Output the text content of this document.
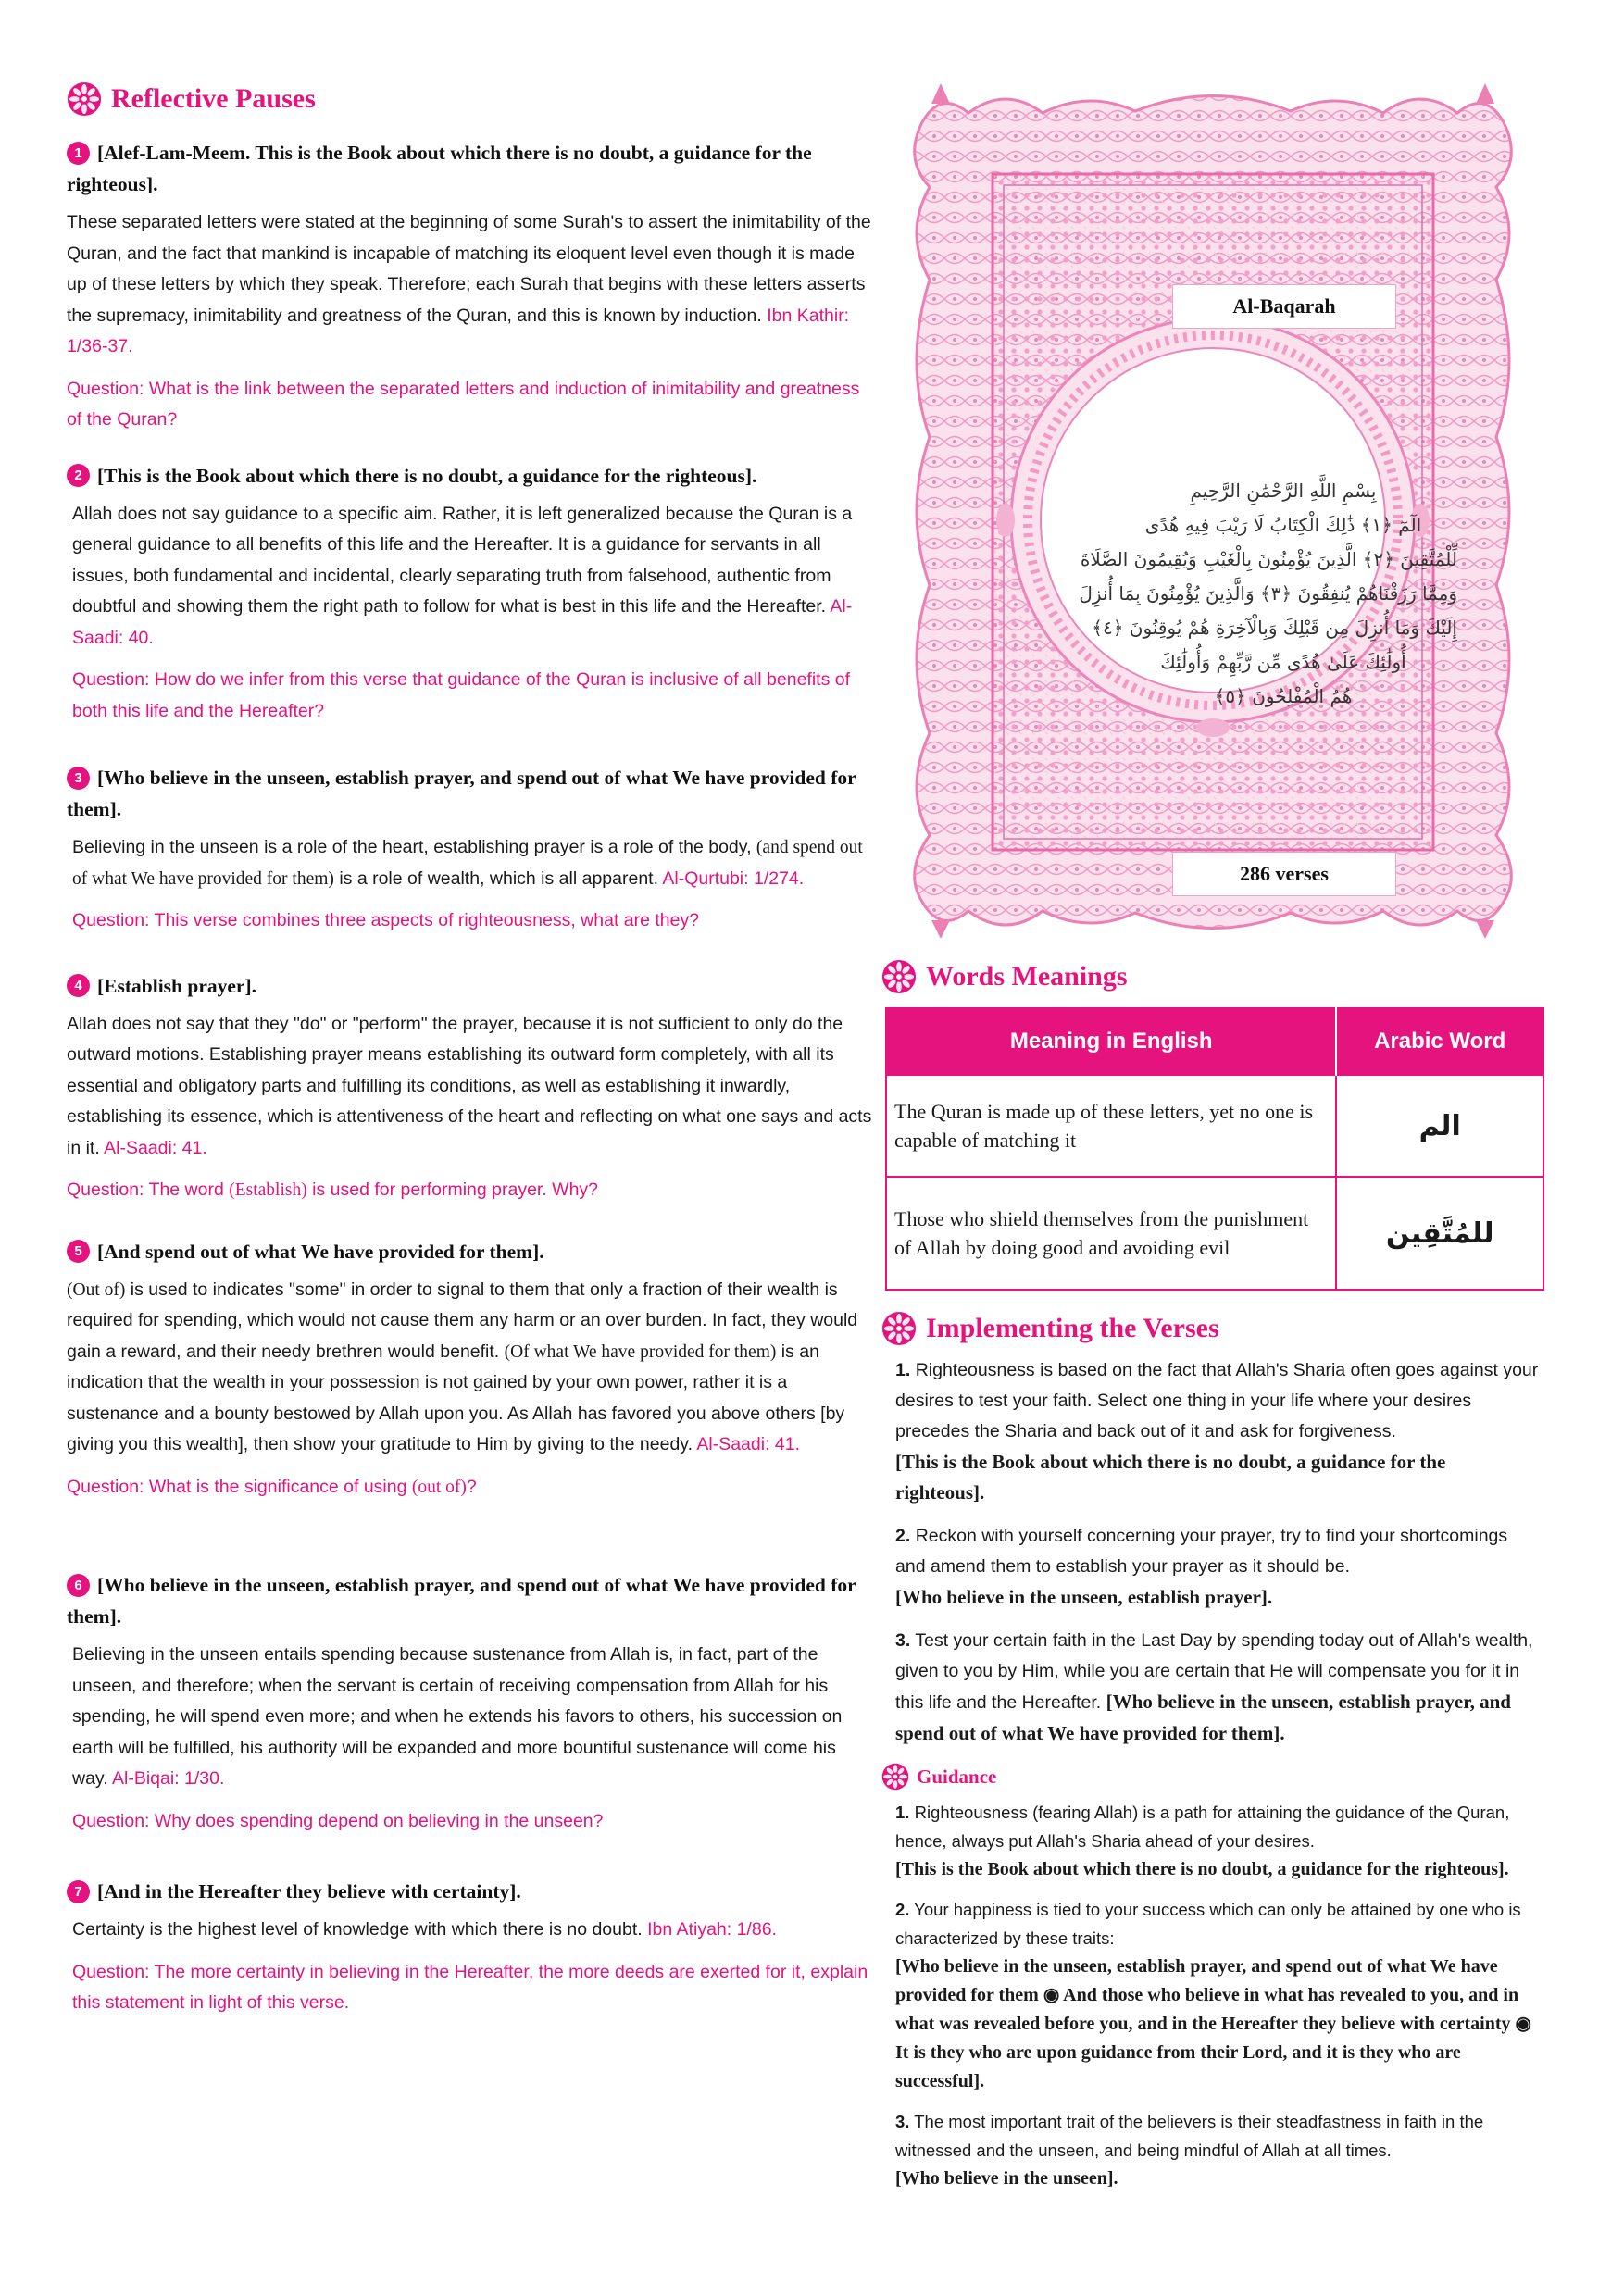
Reflective Pauses
1 [Alef-Lam-Meem. This is the Book about which there is no doubt, a guidance for the righteous].
These separated letters were stated at the beginning of some Surah's to assert the inimitability of the Quran, and the fact that mankind is incapable of matching its eloquent level even though it is made up of these letters by which they speak. Therefore; each Surah that begins with these letters asserts the supremacy, inimitability and greatness of the Quran, and this is known by induction. Ibn Kathir: 1/36-37.
Question: What is the link between the separated letters and induction of inimitability and greatness of the Quran?
2 [This is the Book about which there is no doubt, a guidance for the righteous].
Allah does not say guidance to a specific aim. Rather, it is left generalized because the Quran is a general guidance to all benefits of this life and the Hereafter. It is a guidance for servants in all issues, both fundamental and incidental, clearly separating truth from falsehood, authentic from doubtful and showing them the right path to follow for what is best in this life and the Hereafter. Al-Saadi: 40.
Question: How do we infer from this verse that guidance of the Quran is inclusive of all benefits of both this life and the Hereafter?
3 [Who believe in the unseen, establish prayer, and spend out of what We have provided for them].
Believing in the unseen is a role of the heart, establishing prayer is a role of the body, (and spend out of what We have provided for them) is a role of wealth, which is all apparent. Al-Qurtubi: 1/274.
Question: This verse combines three aspects of righteousness, what are they?
4 [Establish prayer].
Allah does not say that they "do" or "perform" the prayer, because it is not sufficient to only do the outward motions. Establishing prayer means establishing its outward form completely, with all its essential and obligatory parts and fulfilling its conditions, as well as establishing it inwardly, establishing its essence, which is attentiveness of the heart and reflecting on what one says and acts in it. Al-Saadi: 41.
Question: The word (Establish) is used for performing prayer. Why?
5 [And spend out of what We have provided for them].
(Out of) is used to indicates "some" in order to signal to them that only a fraction of their wealth is required for spending, which would not cause them any harm or an over burden. In fact, they would gain a reward, and their needy brethren would benefit. (Of what We have provided for them) is an indication that the wealth in your possession is not gained by your own power, rather it is a sustenance and a bounty bestowed by Allah upon you. As Allah has favored you above others [by giving you this wealth], then show your gratitude to Him by giving to the needy. Al-Saadi: 41.
Question: What is the significance of using (out of)?
6 [Who believe in the unseen, establish prayer, and spend out of what We have provided for them].
Believing in the unseen entails spending because sustenance from Allah is, in fact, part of the unseen, and therefore; when the servant is certain of receiving compensation from Allah for his spending, he will spend even more; and when he extends his favors to others, his succession on earth will be fulfilled, his authority will be expanded and more bountiful sustenance will come his way. Al-Biqai: 1/30.
Question: Why does spending depend on believing in the unseen?
7 [And in the Hereafter they believe with certainty].
Certainty is the highest level of knowledge with which there is no doubt. Ibn Atiyah: 1/86.
Question: The more certainty in believing in the Hereafter, the more deeds are exerted for it, explain this statement in light of this verse.
Al-Baqarah
بِسْمِ اللَّهِ الرَّحْمَٰنِ الرَّحِيمِ
الٓمٓ ﴿١﴾ ذَٰلِكَ الْكِتَابُ لَا رَيْبَ فِيهِ هُدًى
لِّلْمُتَّقِينَ ﴿٢﴾ الَّذِينَ يُؤْمِنُونَ بِالْغَيْبِ وَيُقِيمُونَ الصَّلَاةَ
وَمِمَّا رَزَقْنَاهُمْ يُنفِقُونَ ﴿٣﴾ وَالَّذِينَ يُؤْمِنُونَ بِمَا أُنزِلَ
إِلَيْكَ وَمَا أُنزِلَ مِن قَبْلِكَ وَبِالْآخِرَةِ هُمْ يُوقِنُونَ ﴿٤﴾
أُولَٰئِكَ عَلَىٰ هُدًى مِّن رَّبِّهِمْ وَأُولَٰئِكَ
هُمُ الْمُفْلِحُونَ ﴿٥﴾
286 verses
Words Meanings
Meaning in English	Arabic Word
The Quran is made up of these letters, yet no one is capable of matching it	الم
Those who shield themselves from the punishment of Allah by doing good and avoiding evil	للمُتَّقِين
Implementing the Verses
1. Righteousness is based on the fact that Allah's Sharia often goes against your desires to test your faith. Select one thing in your life where your desires precedes the Sharia and back out of it and ask for forgiveness.
[This is the Book about which there is no doubt, a guidance for the righteous].
2. Reckon with yourself concerning your prayer, try to find your shortcomings and amend them to establish your prayer as it should be.
[Who believe in the unseen, establish prayer].
3. Test your certain faith in the Last Day by spending today out of Allah's wealth, given to you by Him, while you are certain that He will compensate you for it in this life and the Hereafter. [Who believe in the unseen, establish prayer, and spend out of what We have provided for them].
Guidance
1. Righteousness (fearing Allah) is a path for attaining the guidance of the Quran, hence, always put Allah's Sharia ahead of your desires.
[This is the Book about which there is no doubt, a guidance for the righteous].
2. Your happiness is tied to your success which can only be attained by one who is characterized by these traits:
[Who believe in the unseen, establish prayer, and spend out of what We have provided for them ◉ And those who believe in what has revealed to you, and in what was revealed before you, and in the Hereafter they believe with certainty ◉ It is they who are upon guidance from their Lord, and it is they who are successful].
3. The most important trait of the believers is their steadfastness in faith in the witnessed and the unseen, and being mindful of Allah at all times.
[Who believe in the unseen].
